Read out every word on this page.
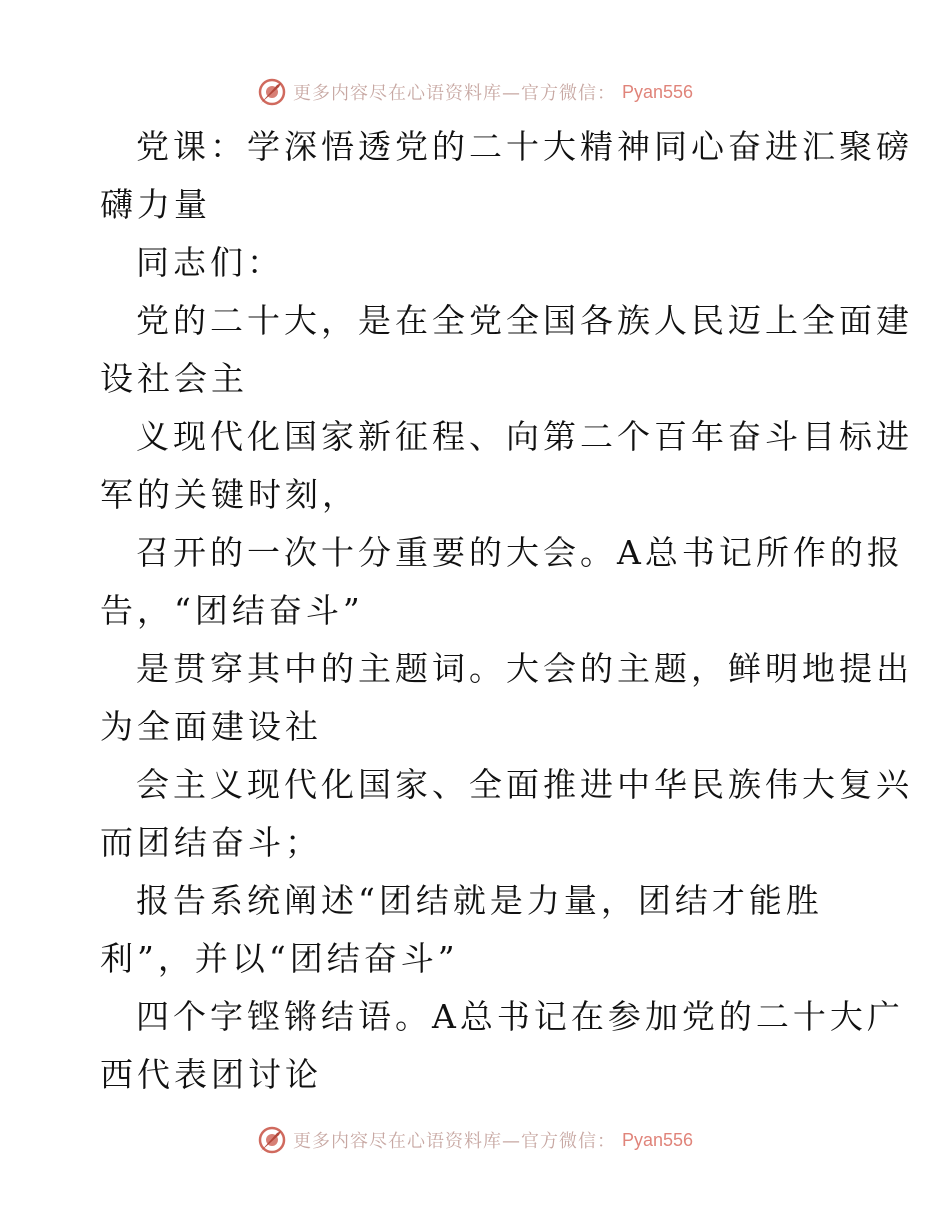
更多内容尽在心语资料库—官方微信： Pyan556
党课：学深悟透党的二十大精神同心奋进汇聚磅
礴力量
同志们：
党的二十大，是在全党全国各族人民迈上全面建
设社会主
义现代化国家新征程、向第二个百年奋斗目标进
军的关键时刻，
召开的一次十分重要的大会。A总书记所作的报
告，“团结奋斗”
是贯穿其中的主题词。大会的主题，鲜明地提出
为全面建设社
会主义现代化国家、全面推进中华民族伟大复兴
而团结奋斗；
报告系统阐述“团结就是力量，团结才能胜
利”，并以“团结奋斗”
四个字铿锵结语。A总书记在参加党的二十大广
西代表团讨论
更多内容尽在心语资料库—官方微信： Pyan556
